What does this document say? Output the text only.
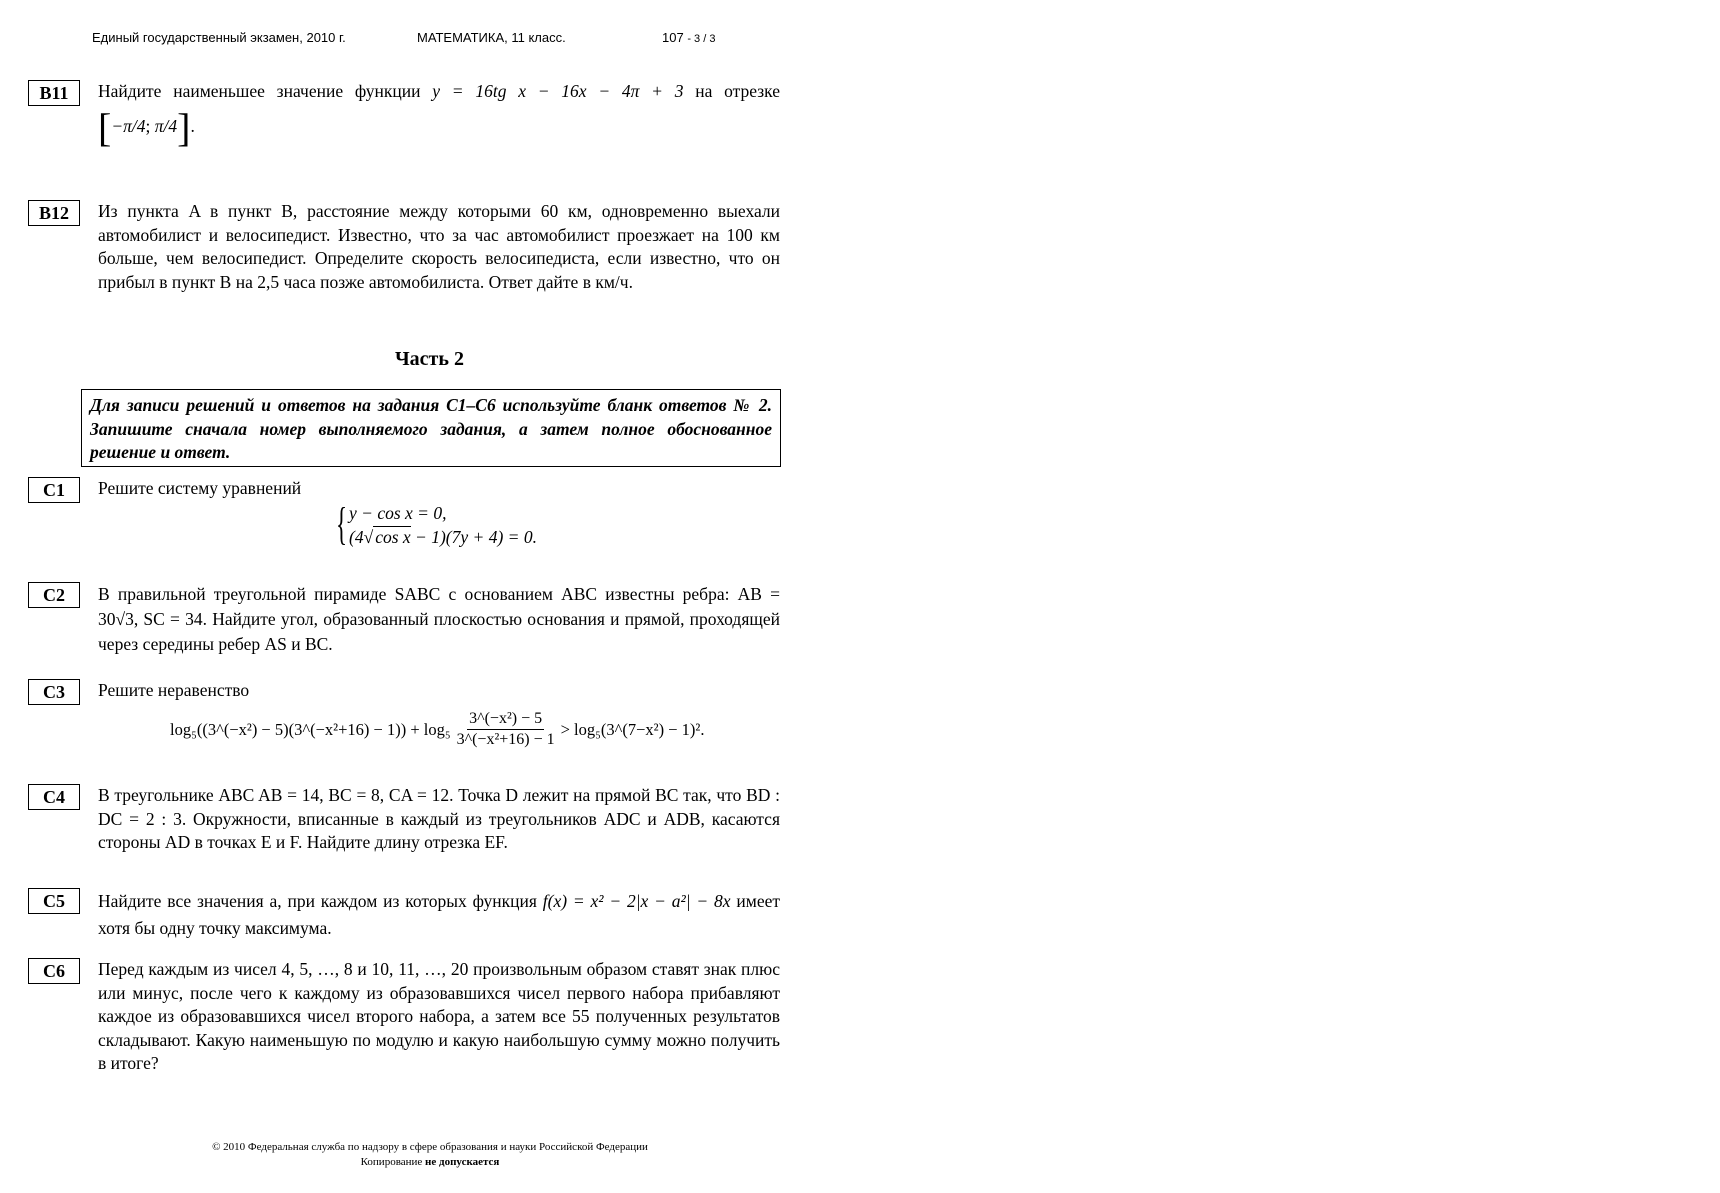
Единый государственный экзамен, 2010 г.	МАТЕМАТИКА, 11 класс.	107 - 3 / 3
B11	Найдите наименьшее значение функции y = 16tg x − 16x − 4π + 3 на отрезке

[−π/4; π/4].
B12	Из пункта A в пункт B, расстояние между которыми 60 км, одновременно выехали автомобилист и велосипедист. Известно, что за час автомобилист проезжает на 100 км больше, чем велосипедист. Определите скорость велосипедиста, если известно, что он прибыл в пункт B на 2,5 часа позже автомобилиста. Ответ дайте в км/ч.

Часть 2
Для записи решений и ответов на задания С1–С6 используйте бланк ответов № 2. Запишите сначала номер выполняемого задания, а затем полное обоснованное решение и ответ.
C1	Решите систему уравнений

{ y − cos x = 0,
(4√ cos x − 1)(7y + 4) = 0.
C2	В правильной треугольной пирамиде SABC с основанием ABC известны ребра: AB = 30√3, SC = 34. Найдите угол, образованный плоскостью основания и прямой, проходящей через середины ребер AS и BC.

C3	Решите неравенство

log₅((3^(−x²) − 5)(3^(−x²+16) − $1)) + \log_5 \frac{\text{3\textasciicircum{}(−x²) − 5}}{\text{3\textasciicircum{}(−x²+16) − 1}}$ > log₅(3^(7−x²) − 1)².
C4	В треугольнике ABC AB = 14, BC = 8, CA = 12. Точка D лежит на прямой BC так, что BD : DC = 2 : 3. Окружности, вписанные в каждый из треугольников ADC и ADB, касаются стороны AD в точках E и F. Найдите длину отрезка EF.

C5	Найдите все значения a, при каждом из которых функция f(x) = x² − 2|x − a²| − 8x имеет хотя бы одну точку максимума.

C6	Перед каждым из чисел 4, 5, …, 8 и 10, 11, …, 20 произвольным образом ставят знак плюс или минус, после чего к каждому из образовавшихся чисел первого набора прибавляют каждое из образовавшихся чисел второго набора, а затем все 55 полученных результатов складывают. Какую наименьшую по модулю и какую наибольшую сумму можно получить в итоге?

© 2010 Федеральная служба по надзору в сфере образования и науки Российской Федерации
Копирование не допускается
